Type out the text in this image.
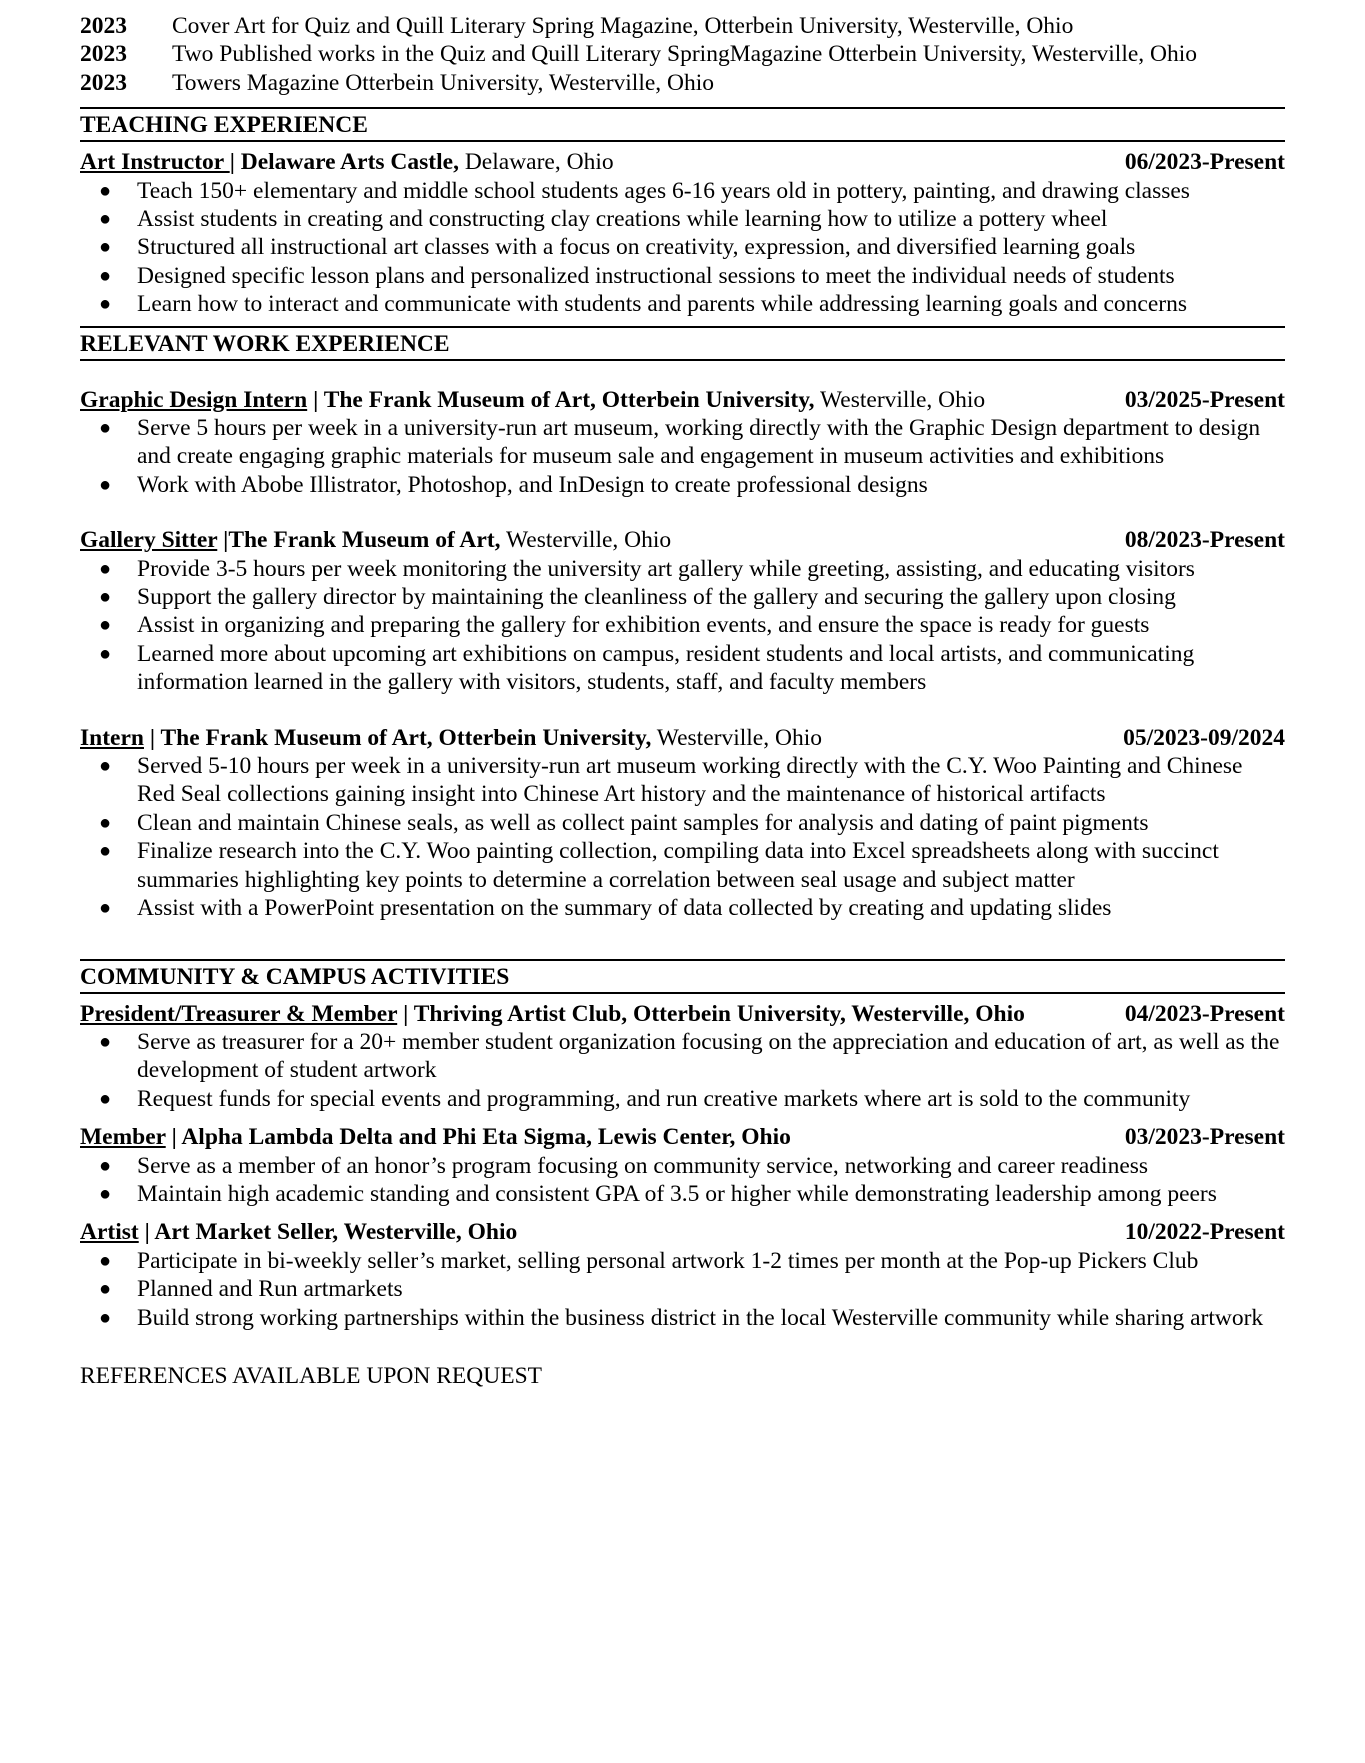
2023	Cover Art for Quiz and Quill Literary Spring Magazine, Otterbein University, Westerville, Ohio
2023	Two Published works in the Quiz and Quill Literary SpringMagazine Otterbein University, Westerville, Ohio
2023	Towers Magazine Otterbein University, Westerville, Ohio
TEACHING EXPERIENCE
Art Instructor | Delaware Arts Castle, Delaware, Ohio	06/2023-Present
● Teach 150+ elementary and middle school students ages 6-16 years old in pottery, painting, and drawing classes
● Assist students in creating and constructing clay creations while learning how to utilize a pottery wheel
● Structured all instructional art classes with a focus on creativity, expression, and diversified learning goals
● Designed specific lesson plans and personalized instructional sessions to meet the individual needs of students
● Learn how to interact and communicate with students and parents while addressing learning goals and concerns
RELEVANT WORK EXPERIENCE
Graphic Design Intern | The Frank Museum of Art, Otterbein University, Westerville, Ohio	03/2025-Present
● Serve 5 hours per week in a university-run art museum, working directly with the Graphic Design department to design and create engaging graphic materials for museum sale and engagement in museum activities and exhibitions
● Work with Abobe Illistrator, Photoshop, and InDesign to create professional designs
Gallery Sitter |The Frank Museum of Art, Westerville, Ohio	08/2023-Present
● Provide 3-5 hours per week monitoring the university art gallery while greeting, assisting, and educating visitors
● Support the gallery director by maintaining the cleanliness of the gallery and securing the gallery upon closing
● Assist in organizing and preparing the gallery for exhibition events, and ensure the space is ready for guests
● Learned more about upcoming art exhibitions on campus, resident students and local artists, and communicating information learned in the gallery with visitors, students, staff, and faculty members
Intern | The Frank Museum of Art, Otterbein University, Westerville, Ohio	05/2023-09/2024
● Served 5-10 hours per week in a university-run art museum working directly with the C.Y. Woo Painting and Chinese Red Seal collections gaining insight into Chinese Art history and the maintenance of historical artifacts
● Clean and maintain Chinese seals, as well as collect paint samples for analysis and dating of paint pigments
● Finalize research into the C.Y. Woo painting collection, compiling data into Excel spreadsheets along with succinct summaries highlighting key points to determine a correlation between seal usage and subject matter
● Assist with a PowerPoint presentation on the summary of data collected by creating and updating slides
COMMUNITY & CAMPUS ACTIVITIES
President/Treasurer & Member | Thriving Artist Club, Otterbein University, Westerville, Ohio	04/2023-Present
● Serve as treasurer for a 20+ member student organization focusing on the appreciation and education of art, as well as the development of student artwork
● Request funds for special events and programming, and run creative markets where art is sold to the community
Member | Alpha Lambda Delta and Phi Eta Sigma, Lewis Center, Ohio	03/2023-Present
● Serve as a member of an honor’s program focusing on community service, networking and career readiness
● Maintain high academic standing and consistent GPA of 3.5 or higher while demonstrating leadership among peers
Artist | Art Market Seller, Westerville, Ohio	10/2022-Present
● Participate in bi-weekly seller’s market, selling personal artwork 1-2 times per month at the Pop-up Pickers Club
● Planned and Run artmarkets
● Build strong working partnerships within the business district in the local Westerville community while sharing artwork
REFERENCES AVAILABLE UPON REQUEST
